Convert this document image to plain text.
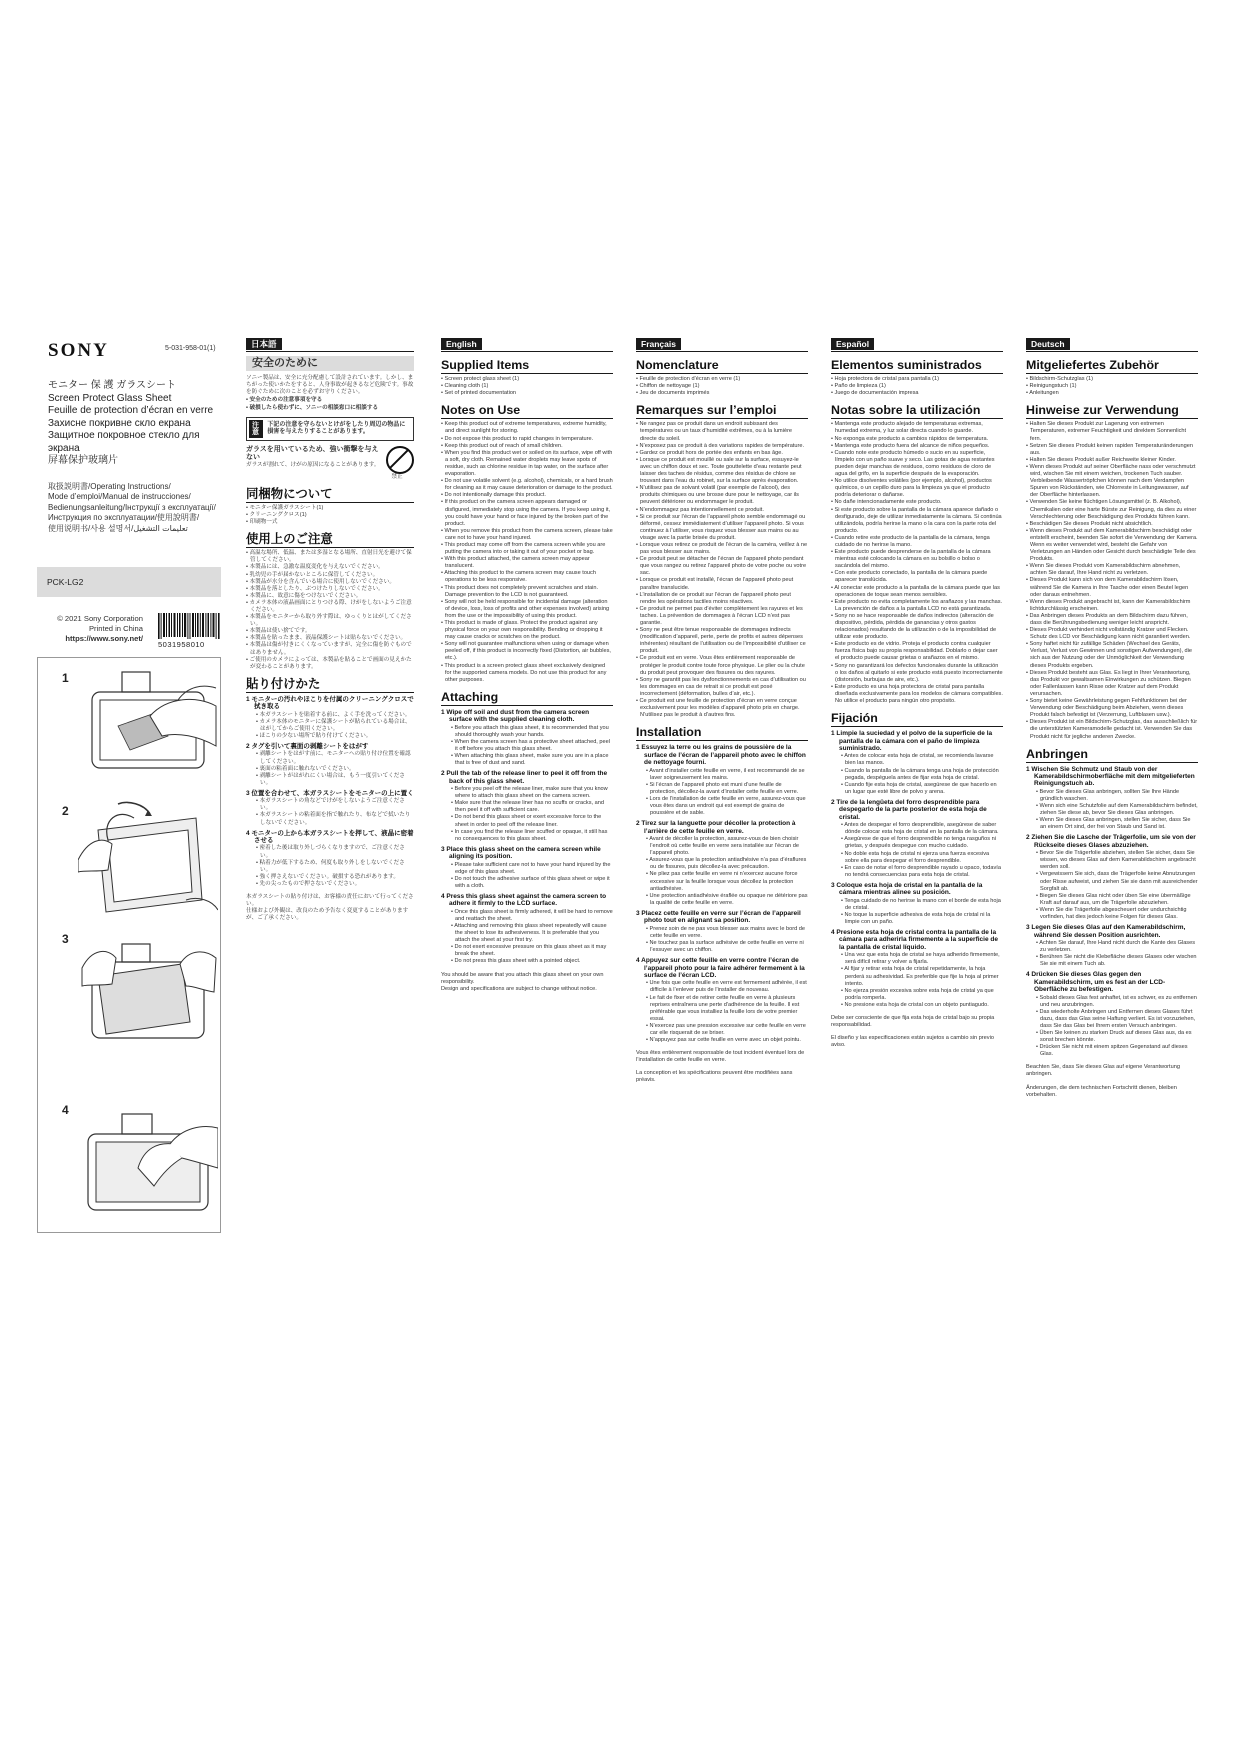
5-031-958-01(1)
SONY
モニター 保 護 ガラスシート
Screen Protect Glass Sheet
Feuille de protection d’écran en verre
Захисне покривне скло екрана
Защитное покровное стекло для экрана
屏幕保护玻璃片
取扱説明書/Operating Instructions/
Mode d’emploi/Manual de instrucciones/
Bedienungsanleitung/Інструкції з експлуатації/
Инструкция по эксплуатации/使用說明書/
使用说明书/사용 설명서/تعليمات التشغيل
PCK-LG2
© 2021 Sony Corporation
Printed in China
https://www.sony.net/
5031958010
1
2
3
4
日本語
安全のために
ソニー製品は、安全に充分配慮して設計されています。しかし、まちがった使いかたをすると、人身事故が起きるなど危険です。事故を防ぐために次のことを必ずお守りください。
• 安全のための注意事項を守る
• 破損したら使わずに、ソニーの相談窓口に相談する
注意
下記の注意を守らないとけがをしたり周辺の物品に損害を与えたりすることがあります。
ガラスを用いているため、強い衝撃を与えない
ガラスが割れて、けがの原因になることがあります。
禁止
同梱物について
• モニター保護ガラスシート(1)
• クリーニングクロス(1)
• 印刷物一式
使用上のご注意
• 高温な場所、低温、または多湿となる場所、直射日光を避けて保管してください。
• 本製品には、急激な温度変化を与えないでください。
• 乳幼児の手が届かないところに保管してください。
• 本製品が水分を含んでいる場合に使用しないでください。
• 本製品を落としたり、ぶつけたりしないでください。
• 本製品に、故意に傷をつけないでください。
• カメラ本体の液晶画面にとりつける際、けがをしないようご注意ください。
• 本製品をモニターから取り外す際は、ゆっくりとはがしてください。
• 本製品は使い捨てです。
• 本製品を貼ったまま、液晶保護シートは貼らないでください。
• 本製品は傷が付きにくくなっていますが、完全に傷を防ぐものではありません。
• ご使用のカメラによっては、本製品を貼ることで画面の見えかたが変わることがあります。
貼り付けかた
1 モニターの汚れやほこりを付属のクリーニングクロスで拭き取る
• 本ガラスシートを貼着する前に、よく手を洗ってください。
• カメラ本体のモニターに保護シートが貼られている場合は、はがしてからご使用ください。
• ほこりの少ない場所で貼り付けてください。
2 タグを引いて裏面の剥離シートをはがす
• 剥離シートをはがす前に、モニターへの貼り付け位置を確認してください。
• 裏面の粘着面に触れないでください。
• 剥離シートがはがれにくい場合は、もう一度引いてください。
3 位置を合わせて、本ガラスシートをモニターの上に置く
• 本ガラスシートの角などでけがをしないようご注意ください。
• 本ガラスシートの粘着面を指で触れたり、布などで拭いたりしないでください。
4 モニターの上から本ガラスシートを押して、液晶に密着させる
• 密着した後は取り外しづらくなりますので、ご注意ください。
• 粘着力が低下するため、何度も取り外しをしないでください。
• 強く押さえないでください。破損する恐れがあります。
• 先の尖ったもので押さないでください。
本ガラスシートの貼り付けは、お客様の責任において行ってください。
仕様および外観は、改良のため予告なく変更することがありますが、ご了承ください。
English
Supplied Items
• Screen protect glass sheet (1)
• Cleaning cloth (1)
• Set of printed documentation
Notes on Use
• Keep this product out of extreme temperatures, extreme humidity, and direct sunlight for storing.
• Do not expose this product to rapid changes in temperature.
• Keep this product out of reach of small children.
• When you find this product wet or soiled on its surface, wipe off with a soft, dry cloth. Remained water droplets may leave spots of residue, such as chlorine residue in tap water, on the surface after evaporation.
• Do not use volatile solvent (e.g. alcohol), chemicals, or a hard brush for cleaning as it may cause deterioration or damage to the product.
• Do not intentionally damage this product.
• If this product on the camera screen appears damaged or disfigured, immediately stop using the camera. If you keep using it, you could have your hand or face injured by the broken part of the product.
• When you remove this product from the camera screen, please take care not to have your hand injured.
• This product may come off from the camera screen while you are putting the camera into or taking it out of your pocket or bag.
• With this product attached, the camera screen may appear translucent.
• Attaching this product to the camera screen may cause touch operations to be less responsive.
• This product does not completely prevent scratches and stain. Damage prevention to the LCD is not guaranteed.
• Sony will not be held responsible for incidental damage (alteration of device, loss, loss of profits and other expenses involved) arising from the use or the impossibility of using this product.
• This product is made of glass. Protect the product against any physical force on your own responsibility. Bending or dropping it may cause cracks or scratches on the product.
• Sony will not guarantee malfunctions when using or damage when peeled off, if this product is incorrectly fixed (Distortion, air bubbles, etc.).
• This product is a screen protect glass sheet exclusively designed for the supported camera models. Do not use this product for any other purposes.
Attaching
1 Wipe off soil and dust from the camera screen surface with the supplied cleaning cloth.
• Before you attach this glass sheet, it is recommended that you should thoroughly wash your hands.
• When the camera screen has a protective sheet attached, peel it off before you attach this glass sheet.
• When attaching this glass sheet, make sure you are in a place that is free of dust and sand.
2 Pull the tab of the release liner to peel it off from the back of this glass sheet.
• Before you peel off the release liner, make sure that you know where to attach this glass sheet on the camera screen.
• Make sure that the release liner has no scuffs or cracks, and then peel it off with sufficient care.
• Do not bend this glass sheet or exert excessive force to the sheet in order to peel off the release liner.
• In case you find the release liner scuffed or opaque, it still has no consequences to this glass sheet.
3 Place this glass sheet on the camera screen while aligning its position.
• Please take sufficient care not to have your hand injured by the edge of this glass sheet.
• Do not touch the adhesive surface of this glass sheet or wipe it with a cloth.
4 Press this glass sheet against the camera screen to adhere it firmly to the LCD surface.
• Once this glass sheet is firmly adhered, it will be hard to remove and reattach the sheet.
• Attaching and removing this glass sheet repeatedly will cause the sheet to lose its adhesiveness. It is preferable that you attach the sheet at your first try.
• Do not exert excessive pressure on this glass sheet as it may break the sheet.
• Do not press this glass sheet with a pointed object.
You should be aware that you attach this glass sheet on your own responsibility.
Design and specifications are subject to change without notice.
Français
Nomenclature
• Feuille de protection d’écran en verre (1)
• Chiffon de nettoyage (1)
• Jeu de documents imprimés
Remarques sur l’emploi
• Ne rangez pas ce produit dans un endroit subissant des températures ou un taux d’humidité extrêmes, ou à la lumière directe du soleil.
• N’exposez pas ce produit à des variations rapides de température.
• Gardez ce produit hors de portée des enfants en bas âge.
• Lorsque ce produit est mouillé ou sale sur la surface, essuyez-le avec un chiffon doux et sec. Toute gouttelette d’eau restante peut laisser des taches de résidus, comme des résidus de chlore se trouvant dans l’eau du robinet, sur la surface après évaporation.
• N’utilisez pas de solvant volatil (par exemple de l’alcool), des produits chimiques ou une brosse dure pour le nettoyage, car ils peuvent détériorer ou endommager le produit.
• N’endommagez pas intentionnellement ce produit.
• Si ce produit sur l’écran de l’appareil photo semble endommagé ou déformé, cessez immédiatement d’utiliser l’appareil photo. Si vous continuez à l’utiliser, vous risquez vous blesser aux mains ou au visage avec la partie brisée du produit.
• Lorsque vous retirez ce produit de l’écran de la caméra, veillez à ne pas vous blesser aux mains.
• Ce produit peut se détacher de l’écran de l’appareil photo pendant que vous rangez ou retirez l’appareil photo de votre poche ou votre sac.
• Lorsque ce produit est installé, l’écran de l’appareil photo peut paraître translucide.
• L’installation de ce produit sur l’écran de l’appareil photo peut rendre les opérations tactiles moins réactives.
• Ce produit ne permet pas d’éviter complètement les rayures et les taches. La prévention de dommages à l’écran LCD n’est pas garantie.
• Sony ne peut être tenue responsable de dommages indirects (modification d’appareil, perte, perte de profits et autres dépenses inhérentes) résultant de l’utilisation ou de l’impossibilité d’utiliser ce produit.
• Ce produit est en verre. Vous êtes entièrement responsable de protéger le produit contre toute force physique. Le plier ou la chute du produit peut provoquer des fissures ou des rayures.
• Sony ne garantit pas les dysfonctionnements en cas d’utilisation ou les dommages en cas de retrait si ce produit est posé incorrectement (déformation, bulles d’air, etc.).
• Ce produit est une feuille de protection d’écran en verre conçue exclusivement pour les modèles d’appareil photo pris en charge. N’utilisez pas le produit à d’autres fins.
Installation
1 Essuyez la terre ou les grains de poussière de la surface de l’écran de l’appareil photo avec le chiffon de nettoyage fourni.
• Avant d’installer cette feuille en verre, il est recommandé de se laver soigneusement les mains.
• Si l’écran de l’appareil photo est muni d’une feuille de protection, décollez-la avant d’installer cette feuille en verre.
• Lors de l’installation de cette feuille en verre, assurez-vous que vous êtes dans un endroit qui est exempt de grains de poussière et de sable.
2 Tirez sur la languette pour décoller la protection à l’arrière de cette feuille en verre.
• Avant de décoller la protection, assurez-vous de bien choisir l’endroit où cette feuille en verre sera installée sur l’écran de l’appareil photo.
• Assurez-vous que la protection antiadhésive n’a pas d’éraflures ou de fissures, puis décollez-la avec précaution.
• Ne pliez pas cette feuille en verre ni n’exercez aucune force excessive sur la feuille lorsque vous décollez la protection antiadhésive.
• Une protection antiadhésive éraflée ou opaque ne détériore pas la qualité de cette feuille en verre.
3 Placez cette feuille en verre sur l’écran de l’appareil photo tout en alignant sa position.
• Prenez soin de ne pas vous blesser aux mains avec le bord de cette feuille en verre.
• Ne touchez pas la surface adhésive de cette feuille en verre ni l’essuyer avec un chiffon.
4 Appuyez sur cette feuille en verre contre l’écran de l’appareil photo pour la faire adhérer fermement à la surface de l’écran LCD.
• Une fois que cette feuille en verre est fermement adhérée, il est difficile à l’enlever puis de l’installer de nouveau.
• Le fait de fixer et de retirer cette feuille en verre à plusieurs reprises entraînera une perte d’adhérence de la feuille. Il est préférable que vous installiez la feuille lors de votre premier essai.
• N’exercez pas une pression excessive sur cette feuille en verre car elle risquerait de se briser.
• N’appuyez pas sur cette feuille en verre avec un objet pointu.
Vous êtes entièrement responsable de tout incident éventuel lors de l’installation de cette feuille en verre.
La conception et les spécifications peuvent être modifiées sans préavis.
Español
Elementos suministrados
• Hoja protectora de cristal para pantalla (1)
• Paño de limpieza (1)
• Juego de documentación impresa
Notas sobre la utilización
• Mantenga este producto alejado de temperaturas extremas, humedad extrema, y luz solar directa cuando lo guarde.
• No exponga este producto a cambios rápidos de temperatura.
• Mantenga este producto fuera del alcance de niños pequeños.
• Cuando note este producto húmedo o sucio en su superficie, límpielo con un paño suave y seco. Las gotas de agua restantes pueden dejar manchas de residuos, como residuos de cloro de agua del grifo, en la superficie después de la evaporación.
• No utilice disolventes volátiles (por ejemplo, alcohol), productos químicos, o un cepillo duro para la limpieza ya que el producto podría deteriorar o dañarse.
• No dañe intencionadamente este producto.
• Si este producto sobre la pantalla de la cámara aparece dañado o desfigurado, deje de utilizar inmediatamente la cámara. Si continúa utilizándola, podría herirse la mano o la cara con la parte rota del producto.
• Cuando retire este producto de la pantalla de la cámara, tenga cuidado de no herirse la mano.
• Este producto puede desprenderse de la pantalla de la cámara mientras esté colocando la cámara en su bolsillo o bolso o sacándola del mismo.
• Con este producto conectado, la pantalla de la cámara puede aparecer translúcida.
• Al conectar este producto a la pantalla de la cámara puede que las operaciones de toque sean menos sensibles.
• Este producto no evita completamente los arañazos y las manchas. La prevención de daños a la pantalla LCD no está garantizada.
• Sony no se hace responsable de daños indirectos (alteración de dispositivo, pérdida, pérdida de ganancias y otros gastos relacionados) resultando de la utilización o de la imposibilidad de utilizar este producto.
• Este producto es de vidrio. Proteja el producto contra cualquier fuerza física bajo su propia responsabilidad. Doblarlo o dejar caer el producto puede causar grietas o arañazos en el mismo.
• Sony no garantizará los defectos funcionales durante la utilización o los daños al quitarlo si este producto está puesto incorrectamente (distorsión, burbujas de aire, etc.).
• Este producto es una hoja protectora de cristal para pantalla diseñada exclusivamente para los modelos de cámara compatibles. No utilice el producto para ningún otro propósito.
Fijación
1 Limpie la suciedad y el polvo de la superficie de la pantalla de la cámara con el paño de limpieza suministrado.
• Antes de colocar esta hoja de cristal, se recomienda lavarse bien las manos.
• Cuando la pantalla de la cámara tenga una hoja de protección pegada, despéguela antes de fijar esta hoja de cristal.
• Cuando fije esta hoja de cristal, asegúrese de que hacerlo en un lugar que esté libre de polvo y arena.
2 Tire de la lengüeta del forro desprendible para despegarlo de la parte posterior de esta hoja de cristal.
• Antes de despegar el forro desprendible, asegúrese de saber dónde colocar esta hoja de cristal en la pantalla de la cámara.
• Asegúrese de que el forro desprendible no tenga rasguños ni grietas, y después despegue con mucho cuidado.
• No doble esta hoja de cristal ni ejerza una fuerza excesiva sobre ella para despegar el forro desprendible.
• En caso de notar el forro desprendible rayado u opaco, todavía no tendrá consecuencias para esta hoja de cristal.
3 Coloque esta hoja de cristal en la pantalla de la cámara mientras alinee su posición.
• Tenga cuidado de no herirse la mano con el borde de esta hoja de cristal.
• No toque la superficie adhesiva de esta hoja de cristal ni la limpie con un paño.
4 Presione esta hoja de cristal contra la pantalla de la cámara para adherirla firmemente a la superficie de la pantalla de cristal líquido.
• Una vez que esta hoja de cristal se haya adherido firmemente, será difícil retirar y volver a fijarla.
• Al fijar y retirar esta hoja de cristal repetidamente, la hoja perderá su adhesividad. Es preferible que fije la hoja al primer intento.
• No ejerza presión excesiva sobre esta hoja de cristal ya que podría romperla.
• No presione esta hoja de cristal con un objeto puntiagudo.
Debe ser consciente de que fija esta hoja de cristal bajo su propia responsabilidad.
El diseño y las especificaciones están sujetos a cambio sin previo aviso.
Deutsch
Mitgeliefertes Zubehör
• Bildschirm-Schutzglas (1)
• Reinigungstuch (1)
• Anleitungen
Hinweise zur Verwendung
• Halten Sie dieses Produkt zur Lagerung von extremen Temperaturen, extremer Feuchtigkeit und direktem Sonnenlicht fern.
• Setzen Sie dieses Produkt keinen rapiden Temperaturänderungen aus.
• Halten Sie dieses Produkt außer Reichweite kleiner Kinder.
• Wenn dieses Produkt auf seiner Oberfläche nass oder verschmutzt wird, wischen Sie mit einem weichen, trockenen Tuch sauber. Verbleibende Wassertröpfchen können nach dem Verdampfen Spuren von Rückständen, wie Chlorreste in Leitungswasser, auf der Oberfläche hinterlassen.
• Verwenden Sie keine flüchtigen Lösungsmittel (z. B. Alkohol), Chemikalien oder eine harte Bürste zur Reinigung, da dies zu einer Verschlechterung oder Beschädigung des Produkts führen kann.
• Beschädigen Sie dieses Produkt nicht absichtlich.
• Wenn dieses Produkt auf dem Kamerabildschirm beschädigt oder entstellt erscheint, beenden Sie sofort die Verwendung der Kamera. Wenn es weiter verwendet wird, besteht die Gefahr von Verletzungen an Händen oder Gesicht durch beschädigte Teile des Produkts.
• Wenn Sie dieses Produkt vom Kamerabildschirm abnehmen, achten Sie darauf, Ihre Hand nicht zu verletzen.
• Dieses Produkt kann sich von dem Kamerabildschirm lösen, während Sie die Kamera in Ihre Tasche oder einen Beutel legen oder daraus entnehmen.
• Wenn dieses Produkt angebracht ist, kann der Kamerabildschirm lichtdurchlässig erscheinen.
• Das Anbringen dieses Produkts an dem Bildschirm dazu führen, dass die Berührungsbedienung weniger leicht anspricht.
• Dieses Produkt verhindert nicht vollständig Kratzer und Flecken. Schutz des LCD vor Beschädigung kann nicht garantiert werden.
• Sony haftet nicht für zufällige Schäden (Wechsel des Geräts, Verlust, Verlust von Gewinnen und sonstigen Aufwendungen), die sich aus der Nutzung oder der Unmöglichkeit der Verwendung dieses Produkts ergeben.
• Dieses Produkt besteht aus Glas. Es liegt in Ihrer Verantwortung, das Produkt vor gewaltsamen Einwirkungen zu schützen. Biegen oder Fallenlassen kann Risse oder Kratzer auf dem Produkt verursachen.
• Sony bietet keine Gewährleistung gegen Fehlfunktionen bei der Verwendung oder Beschädigung beim Abziehen, wenn dieses Produkt falsch befestigt ist (Verzerrung, Luftblasen usw.).
• Dieses Produkt ist ein Bildschirm-Schutzglas, das ausschließlich für die unterstützten Kameramodelle gedacht ist. Verwenden Sie das Produkt nicht für jegliche anderen Zwecke.
Anbringen
1 Wischen Sie Schmutz und Staub von der Kamerabildschirmoberfläche mit dem mitgelieferten Reinigungstuch ab.
• Bevor Sie dieses Glas anbringen, sollten Sie Ihre Hände gründlich waschen.
• Wenn sich eine Schutzfolie auf dem Kamerabildschirm befindet, ziehen Sie diese ab, bevor Sie dieses Glas anbringen.
• Wenn Sie dieses Glas anbringen, stellen Sie sicher, dass Sie an einem Ort sind, der frei von Staub und Sand ist.
2 Ziehen Sie die Lasche der Trägerfolie, um sie von der Rückseite dieses Glases abzuziehen.
• Bevor Sie die Trägerfolie abziehen, stellen Sie sicher, dass Sie wissen, wo dieses Glas auf dem Kamerabildschirm angebracht werden soll.
• Vergewissern Sie sich, dass die Trägerfolie keine Abnutzungen oder Risse aufweist, und ziehen Sie sie dann mit ausreichender Sorgfalt ab.
• Biegen Sie dieses Glas nicht oder üben Sie eine übermäßige Kraft auf darauf aus, um die Trägerfolie abzuziehen.
• Wenn Sie die Trägerfolie abgescheuert oder undurchsichtig vorfinden, hat dies jedoch keine Folgen für dieses Glas.
3 Legen Sie dieses Glas auf den Kamerabildschirm, während Sie dessen Position ausrichten.
• Achten Sie darauf, Ihre Hand nicht durch die Kante des Glases zu verletzen.
• Berühren Sie nicht die Klebefläche dieses Glases oder wischen Sie sie mit einem Tuch ab.
4 Drücken Sie dieses Glas gegen den Kamerabildschirm, um es fest an der LCD-Oberfläche zu befestigen.
• Sobald dieses Glas fest anhaftet, ist es schwer, es zu entfernen und neu anzubringen.
• Das wiederholte Anbringen und Entfernen dieses Glases führt dazu, dass das Glas seine Haftung verliert. Es ist vorzuziehen, dass Sie das Glas bei Ihrem ersten Versuch anbringen.
• Üben Sie keinen zu starken Druck auf dieses Glas aus, da es sonst brechen könnte.
• Drücken Sie nicht mit einem spitzen Gegenstand auf dieses Glas.
Beachten Sie, dass Sie dieses Glas auf eigene Verantwortung anbringen.
Änderungen, die dem technischen Fortschritt dienen, bleiben vorbehalten.
